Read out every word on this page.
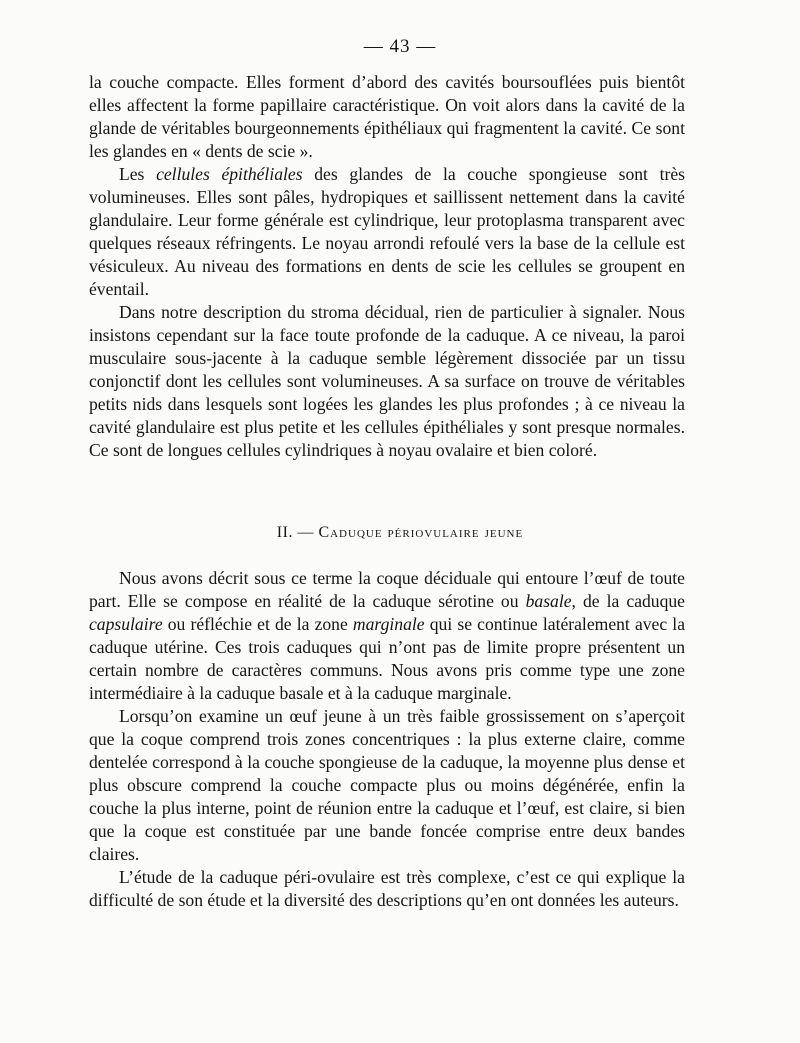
— 43 —

la couche compacte. Elles forment d’abord des cavités boursouflées puis bientôt elles affectent la forme papillaire caractéristique. On voit alors dans la cavité de la glande de véritables bourgeonnements épithéliaux qui fragmentent la cavité. Ce sont les glandes en « dents de scie ».

Les cellules épithéliales des glandes de la couche spongieuse sont très volumineuses. Elles sont pâles, hydropiques et saillissent nettement dans la cavité glandulaire. Leur forme générale est cylindrique, leur protoplasma transparent avec quelques réseaux réfringents. Le noyau arrondi refoulé vers la base de la cellule est vésiculeux. Au niveau des formations en dents de scie les cellules se groupent en éventail.

Dans notre description du stroma décidual, rien de particulier à signaler. Nous insistons cependant sur la face toute profonde de la caduque. A ce niveau, la paroi musculaire sous-jacente à la caduque semble légèrement dissociée par un tissu conjonctif dont les cellules sont volumineuses. A sa surface on trouve de véritables petits nids dans lesquels sont logées les glandes les plus profondes ; à ce niveau la cavité glandulaire est plus petite et les cellules épithéliales y sont presque normales. Ce sont de longues cellules cylindriques à noyau ovalaire et bien coloré.

II. — Caduque périovulaire jeune

Nous avons décrit sous ce terme la coque déciduale qui entoure l’œuf de toute part. Elle se compose en réalité de la caduque sérotine ou basale, de la caduque capsulaire ou réfléchie et de la zone marginale qui se continue latéralement avec la caduque utérine. Ces trois caduques qui n’ont pas de limite propre présentent un certain nombre de caractères communs. Nous avons pris comme type une zone intermédiaire à la caduque basale et à la caduque marginale.

Lorsqu’on examine un œuf jeune à un très faible grossissement on s’aperçoit que la coque comprend trois zones concentriques : la plus externe claire, comme dentelée correspond à la couche spongieuse de la caduque, la moyenne plus dense et plus obscure comprend la couche compacte plus ou moins dégénérée, enfin la couche la plus interne, point de réunion entre la caduque et l’œuf, est claire, si bien que la coque est constituée par une bande foncée comprise entre deux bandes claires.

L’étude de la caduque péri-ovulaire est très complexe, c’est ce qui explique la difficulté de son étude et la diversité des descriptions qu’en ont données les auteurs.
